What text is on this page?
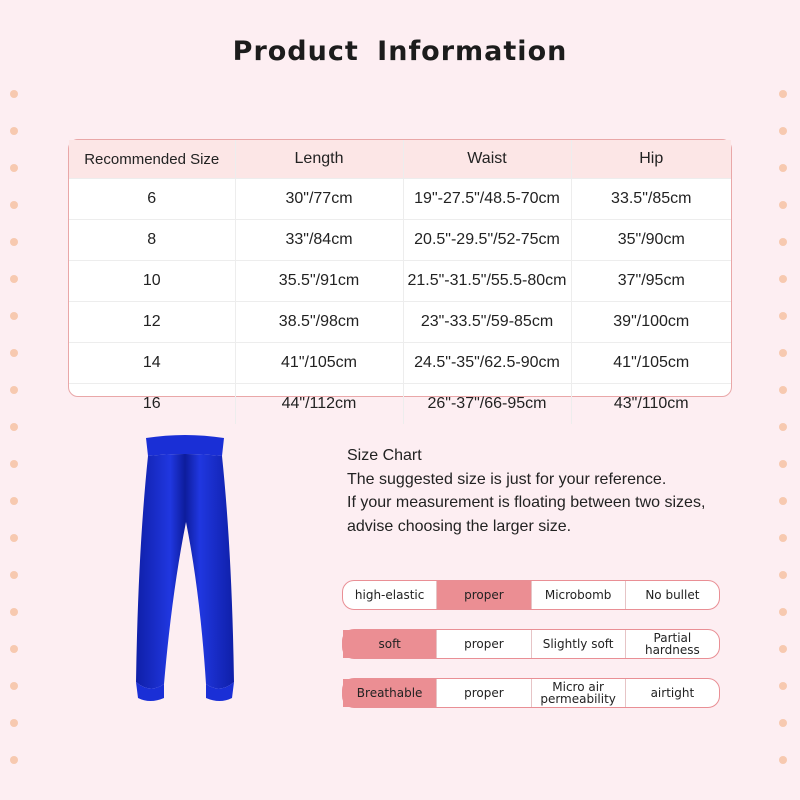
Product Information
Recommended Size	Length	Waist	Hip
6	30"/77cm	19"-27.5"/48.5-70cm	33.5"/85cm
8	33"/84cm	20.5"-29.5"/52-75cm	35"/90cm
10	35.5"/91cm	21.5"-31.5"/55.5-80cm	37"/95cm
12	38.5"/98cm	23"-33.5"/59-85cm	39"/100cm
14	41"/105cm	24.5"-35"/62.5-90cm	41"/105cm
16	44"/112cm	26"-37"/66-95cm	43"/110cm
Size Chart
The suggested size is just for your reference.
If your measurement is floating between two sizes,
advise choosing the larger size.
high-elastic	proper	Microbomb	No bullet
soft	proper	Slightly soft	Partial hardness
Breathable	proper	Micro air permeability	airtight
